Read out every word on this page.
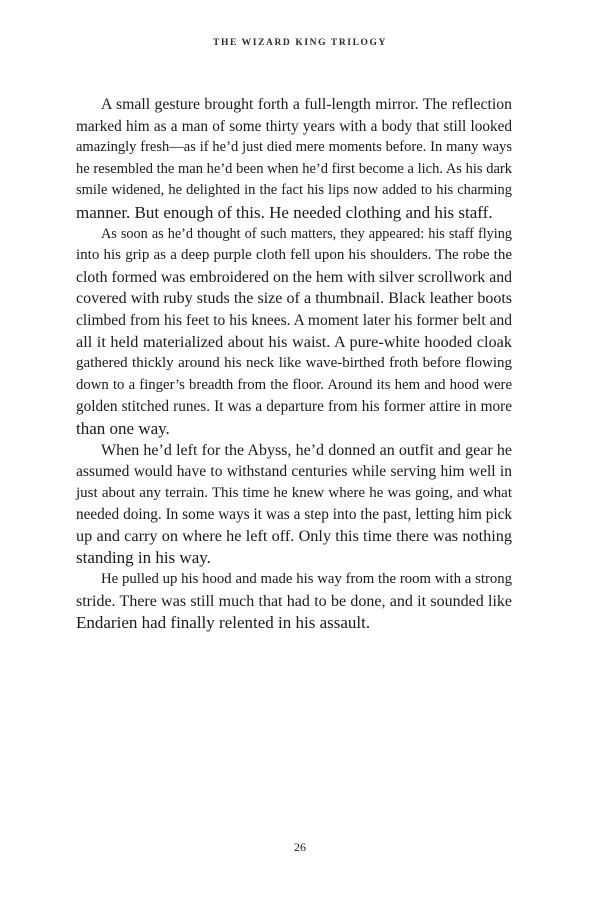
THE WIZARD KING TRILOGY
A small gesture brought forth a full-length mirror. The reflection
marked him as a man of some thirty years with a body that still looked
amazingly fresh—as if he’d just died mere moments before. In many ways
he resembled the man he’d been when he’d first become a lich. As his dark
smile widened, he delighted in the fact his lips now added to his charming
manner. But enough of this. He needed clothing and his staff.
As soon as he’d thought of such matters, they appeared: his staff flying
into his grip as a deep purple cloth fell upon his shoulders. The robe the
cloth formed was embroidered on the hem with silver scrollwork and
covered with ruby studs the size of a thumbnail. Black leather boots
climbed from his feet to his knees. A moment later his former belt and
all it held materialized about his waist. A pure-white hooded cloak
gathered thickly around his neck like wave-birthed froth before flowing
down to a finger’s breadth from the floor. Around its hem and hood were
golden stitched runes. It was a departure from his former attire in more
than one way.
When he’d left for the Abyss, he’d donned an outfit and gear he
assumed would have to withstand centuries while serving him well in
just about any terrain. This time he knew where he was going, and what
needed doing. In some ways it was a step into the past, letting him pick
up and carry on where he left off. Only this time there was nothing
standing in his way.
He pulled up his hood and made his way from the room with a strong
stride. There was still much that had to be done, and it sounded like
Endarien had finally relented in his assault.
26
